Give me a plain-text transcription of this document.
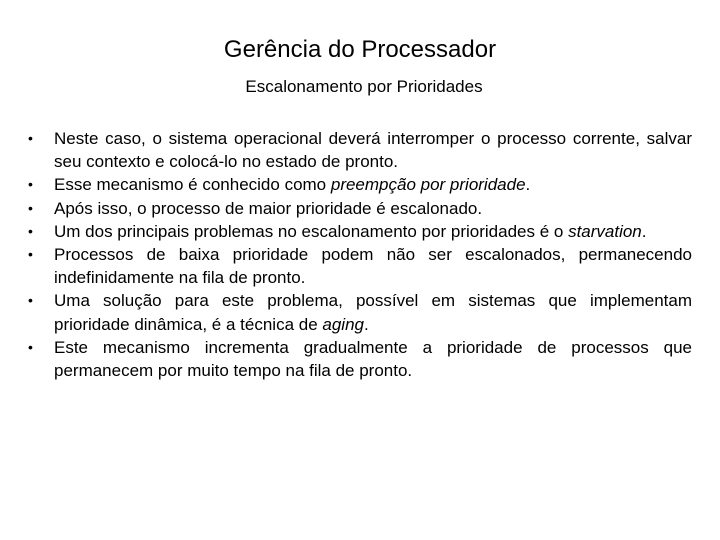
Gerência do Processador
Escalonamento por Prioridades
• Neste caso, o sistema operacional deverá interromper o processo corrente, salvar seu contexto e colocá-lo no estado de pronto.
• Esse mecanismo é conhecido como preempção por prioridade.
• Após isso, o processo de maior prioridade é escalonado.
• Um dos principais problemas no escalonamento por prioridades é o starvation.
• Processos de baixa prioridade podem não ser escalonados, permanecendo indefinidamente na fila de pronto.
• Uma solução para este problema, possível em sistemas que implementam prioridade dinâmica, é a técnica de aging.
• Este mecanismo incrementa gradualmente a prioridade de processos que permanecem por muito tempo na fila de pronto.
